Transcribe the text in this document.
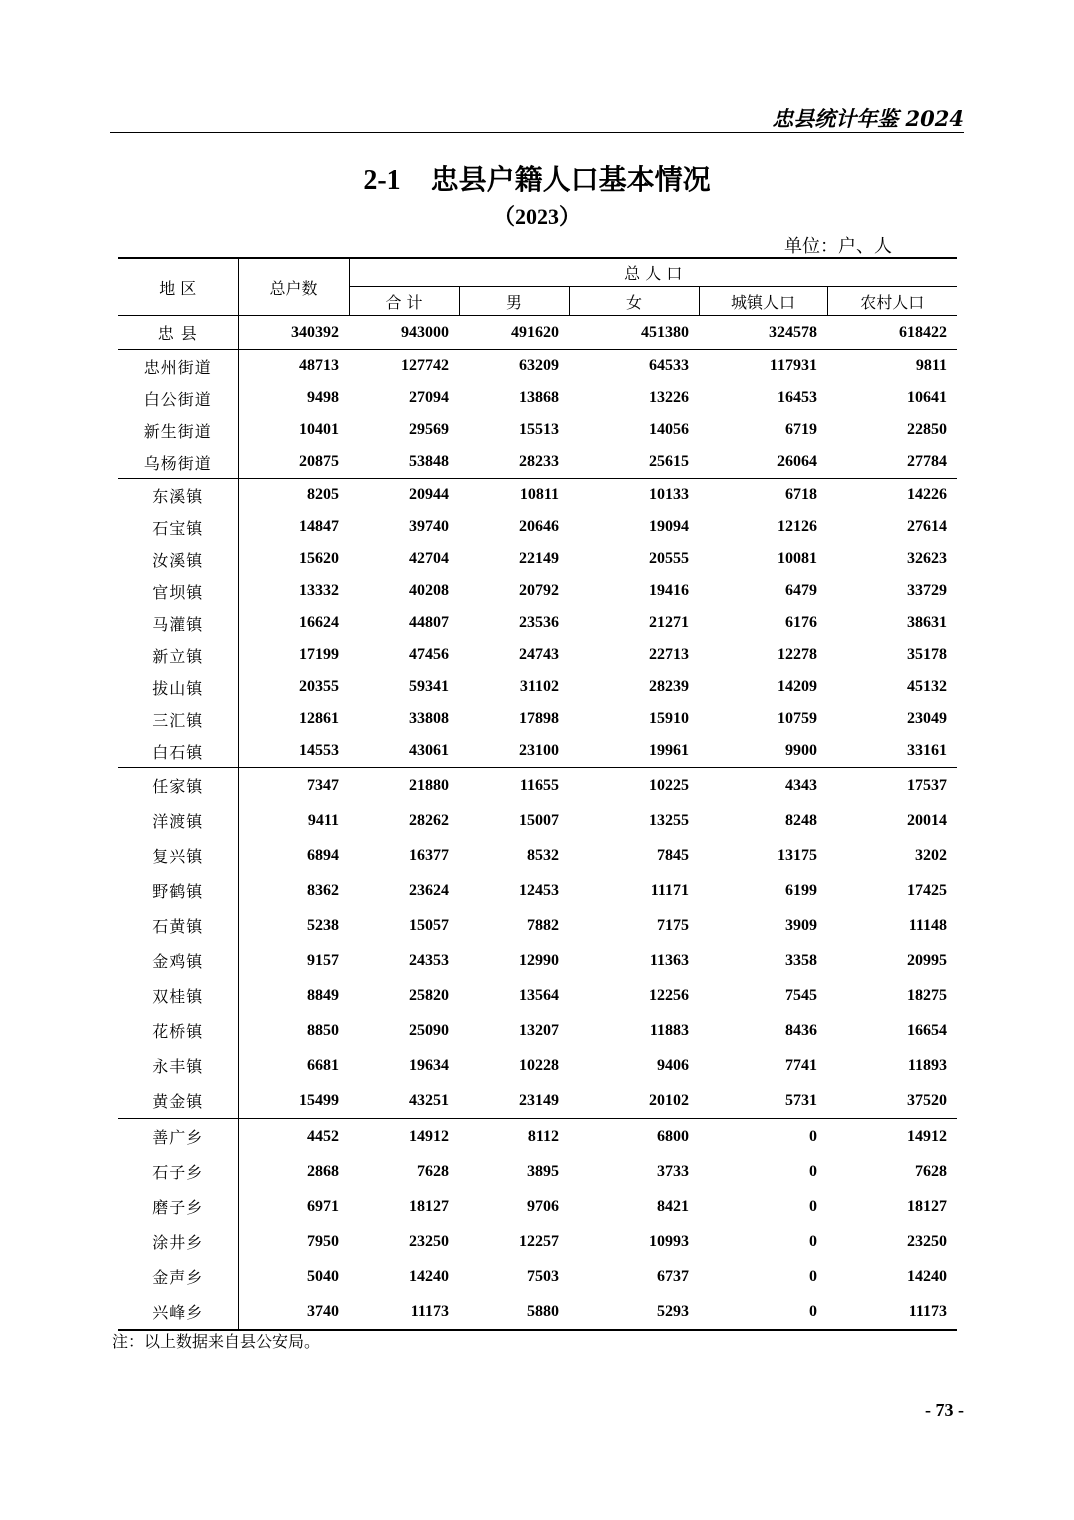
忠县统计年鉴 2024
2-1 忠县户籍人口基本情况
（2023）
单位：户、人
地 区	总户数	总 人 口				
		合 计	男	女	城镇人口	农村人口
忠 县	340392	943000	491620	451380	324578	618422
忠州街道	48713	127742	63209	64533	117931	9811
白公街道	9498	27094	13868	13226	16453	10641
新生街道	10401	29569	15513	14056	6719	22850
乌杨街道	20875	53848	28233	25615	26064	27784
东溪镇	8205	20944	10811	10133	6718	14226
石宝镇	14847	39740	20646	19094	12126	27614
汝溪镇	15620	42704	22149	20555	10081	32623
官坝镇	13332	40208	20792	19416	6479	33729
马灌镇	16624	44807	23536	21271	6176	38631
新立镇	17199	47456	24743	22713	12278	35178
拔山镇	20355	59341	31102	28239	14209	45132
三汇镇	12861	33808	17898	15910	10759	23049
白石镇	14553	43061	23100	19961	9900	33161
任家镇	7347	21880	11655	10225	4343	17537
洋渡镇	9411	28262	15007	13255	8248	20014
复兴镇	6894	16377	8532	7845	13175	3202
野鹤镇	8362	23624	12453	11171	6199	17425
石黄镇	5238	15057	7882	7175	3909	11148
金鸡镇	9157	24353	12990	11363	3358	20995
双桂镇	8849	25820	13564	12256	7545	18275
花桥镇	8850	25090	13207	11883	8436	16654
永丰镇	6681	19634	10228	9406	7741	11893
黄金镇	15499	43251	23149	20102	5731	37520
善广乡	4452	14912	8112	6800	0	14912
石子乡	2868	7628	3895	3733	0	7628
磨子乡	6971	18127	9706	8421	0	18127
涂井乡	7950	23250	12257	10993	0	23250
金声乡	5040	14240	7503	6737	0	14240
兴峰乡	3740	11173	5880	5293	0	11173
注：以上数据来自县公安局。
- 73 -
